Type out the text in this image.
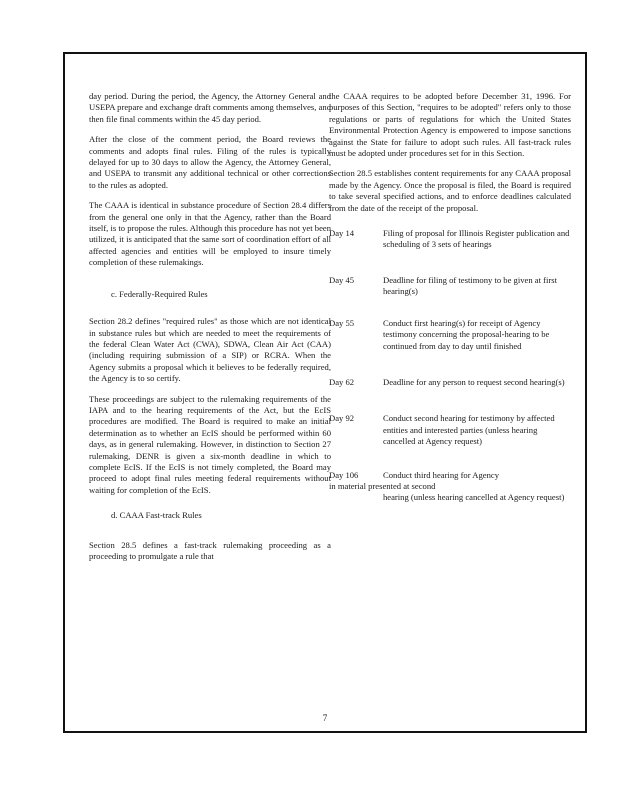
day period. During the period, the Agency, the Attorney General and USEPA prepare and exchange draft comments among themselves, and then file final comments within the 45 day period.

After the close of the comment period, the Board reviews the comments and adopts final rules. Filing of the rules is typically delayed for up to 30 days to allow the Agency, the Attorney General, and USEPA to transmit any additional technical or other corrections to the rules as adopted.

The CAAA is identical in substance procedure of Section 28.4 differs from the general one only in that the Agency, rather than the Board itself, is to propose the rules. Although this procedure has not yet been utilized, it is anticipated that the same sort of coordination effort of all affected agencies and entities will be employed to insure timely completion of these rulemakings.

c. Federally-Required Rules

Section 28.2 defines "required rules" as those which are not identical in substance rules but which are needed to meet the requirements of the federal Clean Water Act (CWA), SDWA, Clean Air Act (CAA) (including requiring submission of a SIP) or RCRA. When the Agency submits a proposal which it believes to be federally required, the Agency is to so certify.

These proceedings are subject to the rulemaking requirements of the IAPA and to the hearing requirements of the Act, but the EcIS procedures are modified. The Board is required to make an initial determination as to whether an EcIS should be performed within 60 days, as in general rulemaking. However, in distinction to Section 27 rulemaking, DENR is given a six-month deadline in which to complete EcIS. If the EcIS is not timely completed, the Board may proceed to adopt final rules meeting federal requirements without waiting for completion of the EcIS.

d. CAAA Fast-track Rules

Section 28.5 defines a fast-track rulemaking proceeding as a proceeding to promulgate a rule that

the CAAA requires to be adopted before December 31, 1996. For purposes of this Section, "requires to be adopted" refers only to those regulations or parts of regulations for which the United States Environmental Protection Agency is empowered to impose sanctions against the State for failure to adopt such rules. All fast-track rules must be adopted under procedures set for in this Section.

Section 28.5 establishes content requirements for any CAAA proposal made by the Agency. Once the proposal is filed, the Board is required to take several specified actions, and to enforce deadlines calculated from the date of the receipt of the proposal.

Day 14	Filing of proposal for Illinois Register publication and scheduling of 3 sets of hearings
Day 45	Deadline for filing of testimony to be given at first hearing(s)
Day 55	Conduct first hearing(s) for receipt of Agency testimony concerning the proposal-hearing to be continued from day to day until finished
Day 62	Deadline for any person to request second hearing(s)
Day 92	Conduct second hearing for testimony by affected entities and interested parties (unless hearing cancelled at Agency request)
Day 106	Conduct third hearing for Agency
in material presented at second
hearing (unless hearing cancelled at Agency request)
7
